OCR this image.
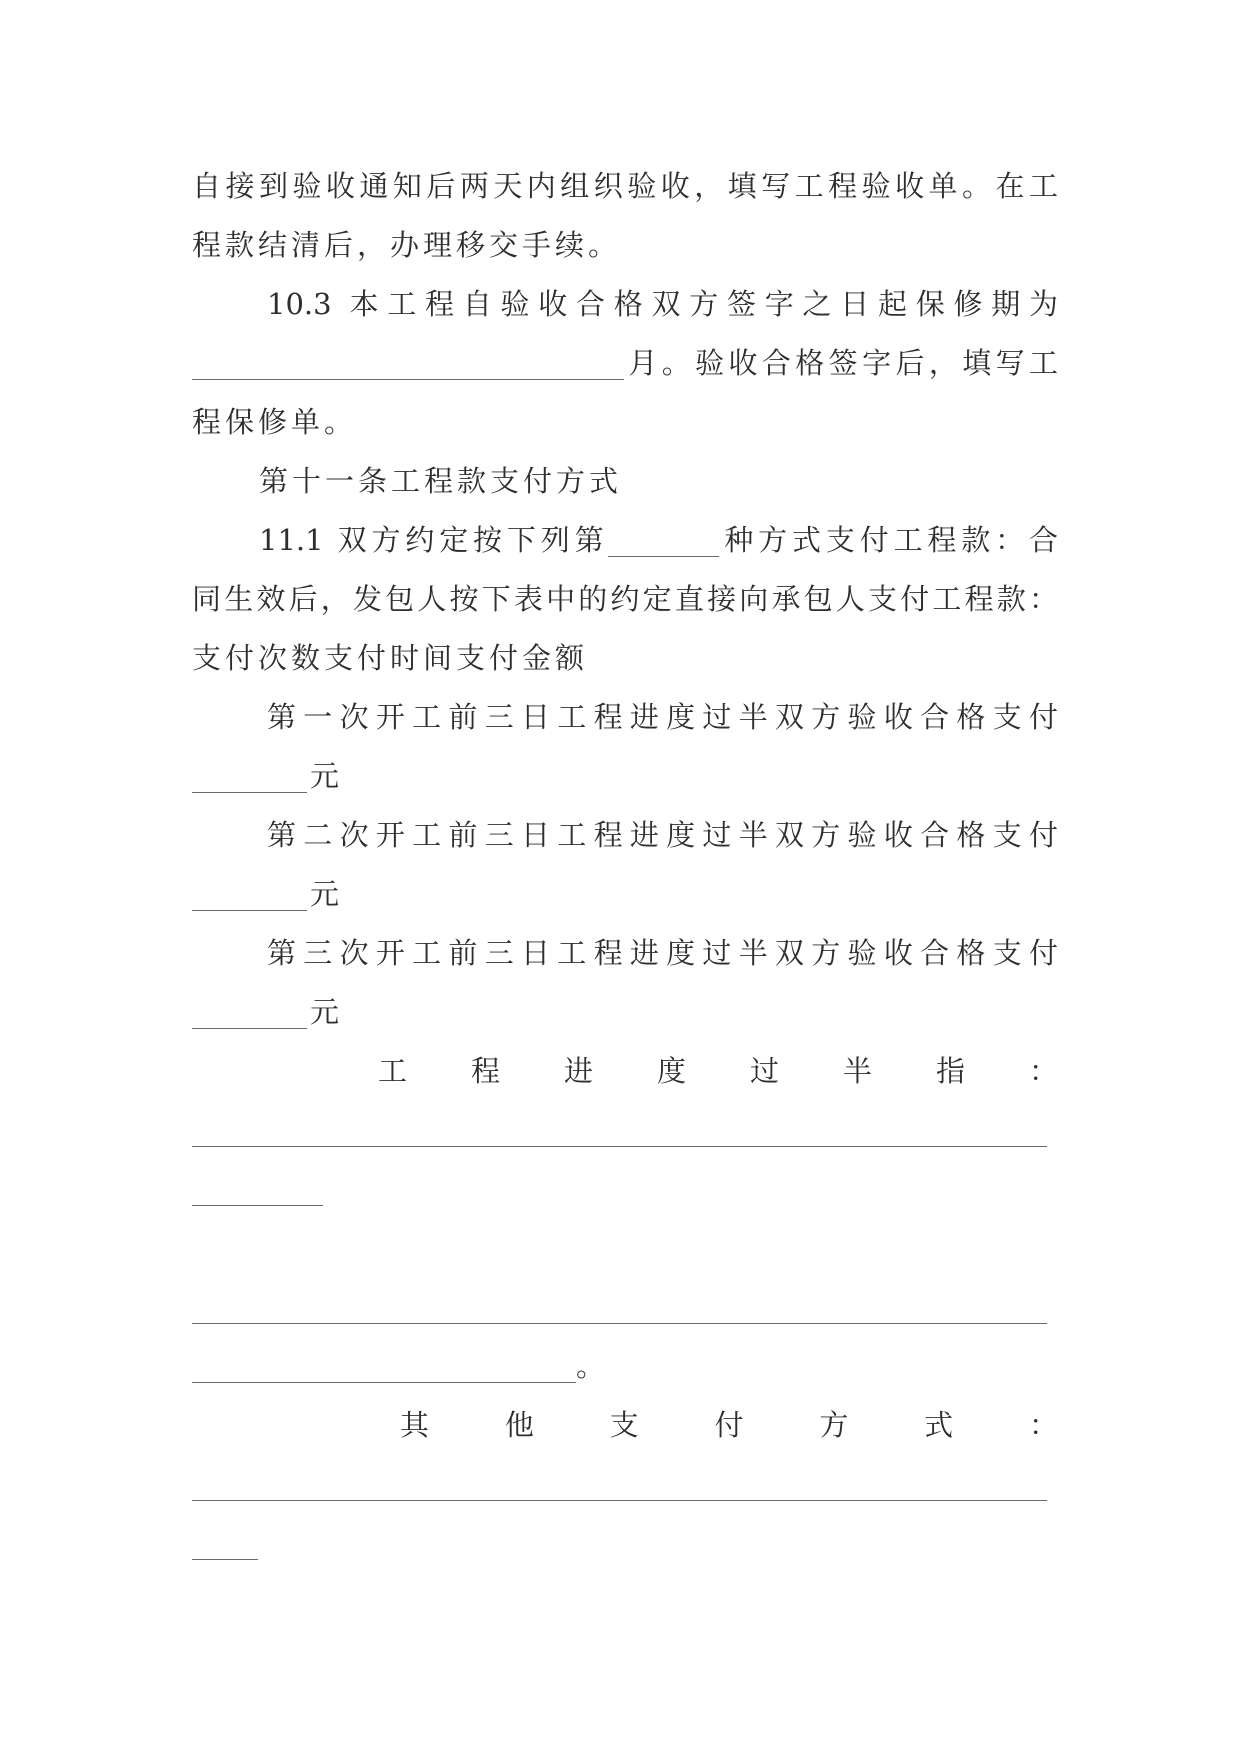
自接到验收通知后两天内组织验收，填写工程验收单。在工
程款结清后，办理移交手续。
10.3 本工程自验收合格双方签字之日起保修期为
月。验收合格签字后，填写工
程保修单。
第十一条工程款支付方式
11.1 双方约定按下列第	种方式支付工程款：合
同生效后，发包人按下表中的约定直接向承包人支付工程款：
支付次数支付时间支付金额
第一次开工前三日工程进度过半双方验收合格支付
元
第二次开工前三日工程进度过半双方验收合格支付
元
第三次开工前三日工程进度过半双方验收合格支付
元
工程进度过半指：
。
其他支付方式：
